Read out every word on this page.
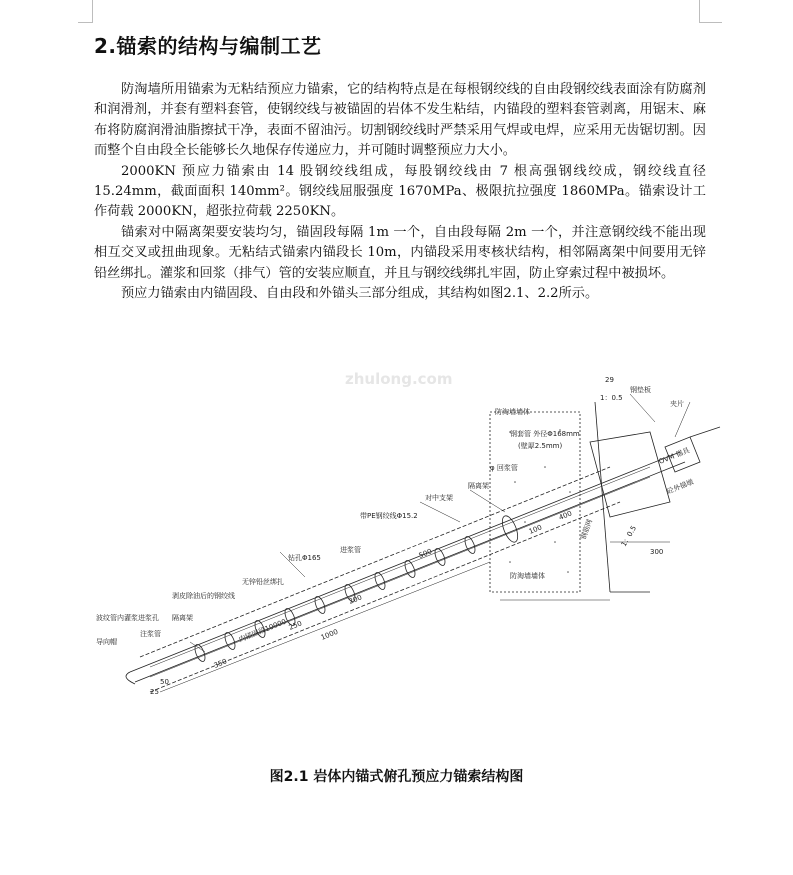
2.锚索的结构与编制工艺

防淘墙所用锚索为无粘结预应力锚索，它的结构特点是在每根钢绞线的自由段钢绞线表面涂有防腐剂和润滑剂，并套有塑料套管，使钢绞线与被锚固的岩体不发生粘结，内锚段的塑料套管剥离，用锯末、麻布将防腐润滑油脂擦拭干净，表面不留油污。切割钢绞线时严禁采用气焊或电焊，应采用无齿锯切割。因而整个自由段全长能够长久地保存传递应力，并可随时调整预应力大小。

2000KN 预应力锚索由 14 股钢绞线组成，每股钢绞线由 7 根高强钢线绞成，钢绞线直径 15.24mm，截面面积 140mm²。钢绞线屈服强度 1670MPa、极限抗拉强度 1860MPa。锚索设计工作荷载 2000KN，超张拉荷载 2250KN。

锚索对中隔离架要安装均匀，锚固段每隔 1m 一个，自由段每隔 2m 一个，并注意钢绞线不能出现相互交叉或扭曲现象。无粘结式锚索内锚段长 10m，内锚段采用枣核状结构，相邻隔离架中间要用无锌铅丝绑扎。灌浆和回浆（排气）管的安装应顺直，并且与钢绞线绑扎牢固，防止穿索过程中被损坏。

预应力锚索由内锚固段、自由段和外锚头三部分组成，其结构如图2.1、2.2所示。

钢垫板
夹片
1：0.5
29
防淘墙墙体
钢套管 外径Φ168mm
(壁厚2.5mm)
φ 回浆管
对中支架
隔离架
带PE钢绞线Φ15.2
钻孔Φ165
进浆管
无锌铅丝绑扎
剥皮除油后的钢绞线
波纹管内灌浆进浆孔
导向帽
注浆管
隔离架	内锚固段10000
防淘墙墙体
OVM 锚具
砼外锚墩
1：0.5
钢筋网
100
400
300
500
350
250
1000
200
50
25
zhulong.com

图2.1 岩体内锚式俯孔预应力锚索结构图
